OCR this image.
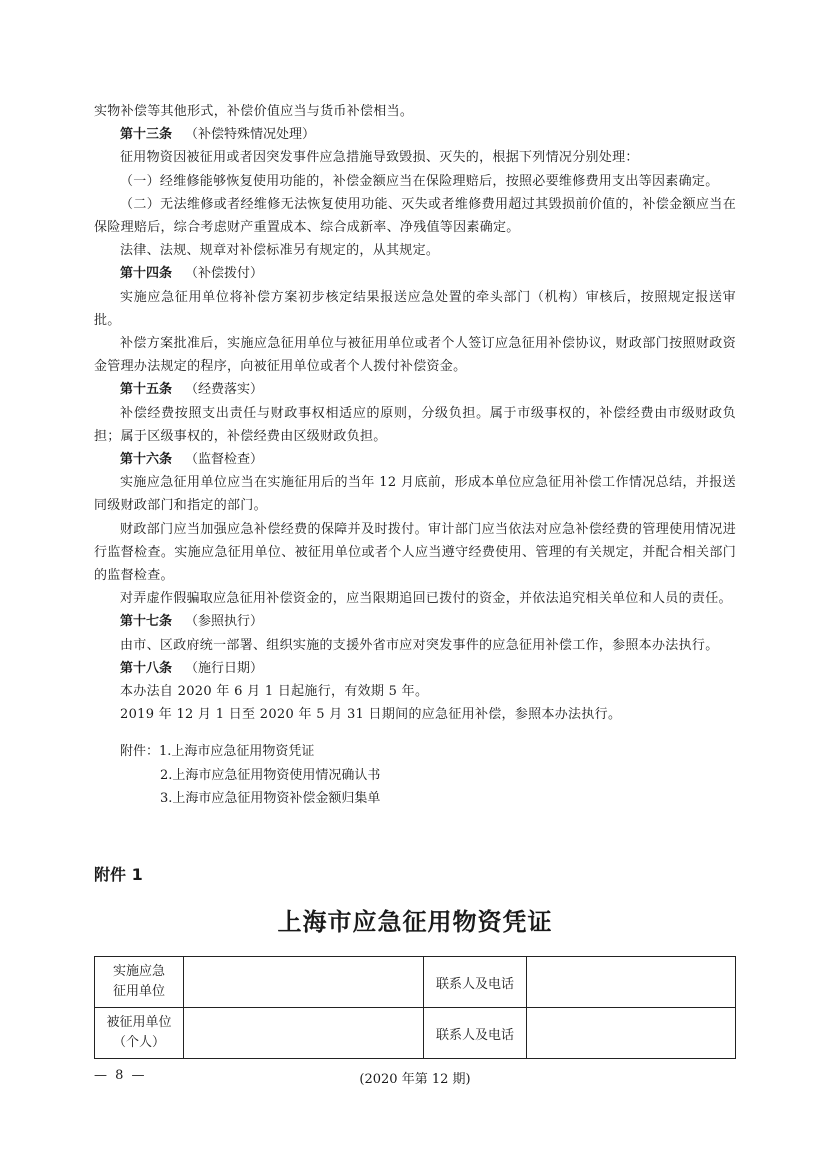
实物补偿等其他形式，补偿价值应当与货币补偿相当。

第十三条 （补偿特殊情况处理）

征用物资因被征用或者因突发事件应急措施导致毁损、灭失的，根据下列情况分别处理：

（一）经维修能够恢复使用功能的，补偿金额应当在保险理赔后，按照必要维修费用支出等因素确定。

（二）无法维修或者经维修无法恢复使用功能、灭失或者维修费用超过其毁损前价值的，补偿金额应当在保险理赔后，综合考虑财产重置成本、综合成新率、净残值等因素确定。

法律、法规、规章对补偿标准另有规定的，从其规定。

第十四条 （补偿拨付）

实施应急征用单位将补偿方案初步核定结果报送应急处置的牵头部门（机构）审核后，按照规定报送审批。

补偿方案批准后，实施应急征用单位与被征用单位或者个人签订应急征用补偿协议，财政部门按照财政资金管理办法规定的程序，向被征用单位或者个人拨付补偿资金。

第十五条 （经费落实）

补偿经费按照支出责任与财政事权相适应的原则，分级负担。属于市级事权的，补偿经费由市级财政负担；属于区级事权的，补偿经费由区级财政负担。

第十六条 （监督检查）

实施应急征用单位应当在实施征用后的当年 12 月底前，形成本单位应急征用补偿工作情况总结，并报送同级财政部门和指定的部门。

财政部门应当加强应急补偿经费的保障并及时拨付。审计部门应当依法对应急补偿经费的管理使用情况进行监督检查。实施应急征用单位、被征用单位或者个人应当遵守经费使用、管理的有关规定，并配合相关部门的监督检查。

对弄虚作假骗取应急征用补偿资金的，应当限期追回已拨付的资金，并依法追究相关单位和人员的责任。

第十七条 （参照执行）

由市、区政府统一部署、组织实施的支援外省市应对突发事件的应急征用补偿工作，参照本办法执行。

第十八条 （施行日期）

本办法自 2020 年 6 月 1 日起施行，有效期 5 年。

2019 年 12 月 1 日至 2020 年 5 月 31 日期间的应急征用补偿，参照本办法执行。

附件：1.上海市应急征用物资凭证

2.上海市应急征用物资使用情况确认书

3.上海市应急征用物资补偿金额归集单

附件 1
上海市应急征用物资凭证
实施应急
征用单位		联系人及电话	

被征用单位
（个人）		联系人及电话	
— 8 —	(2020 年第 12 期)
